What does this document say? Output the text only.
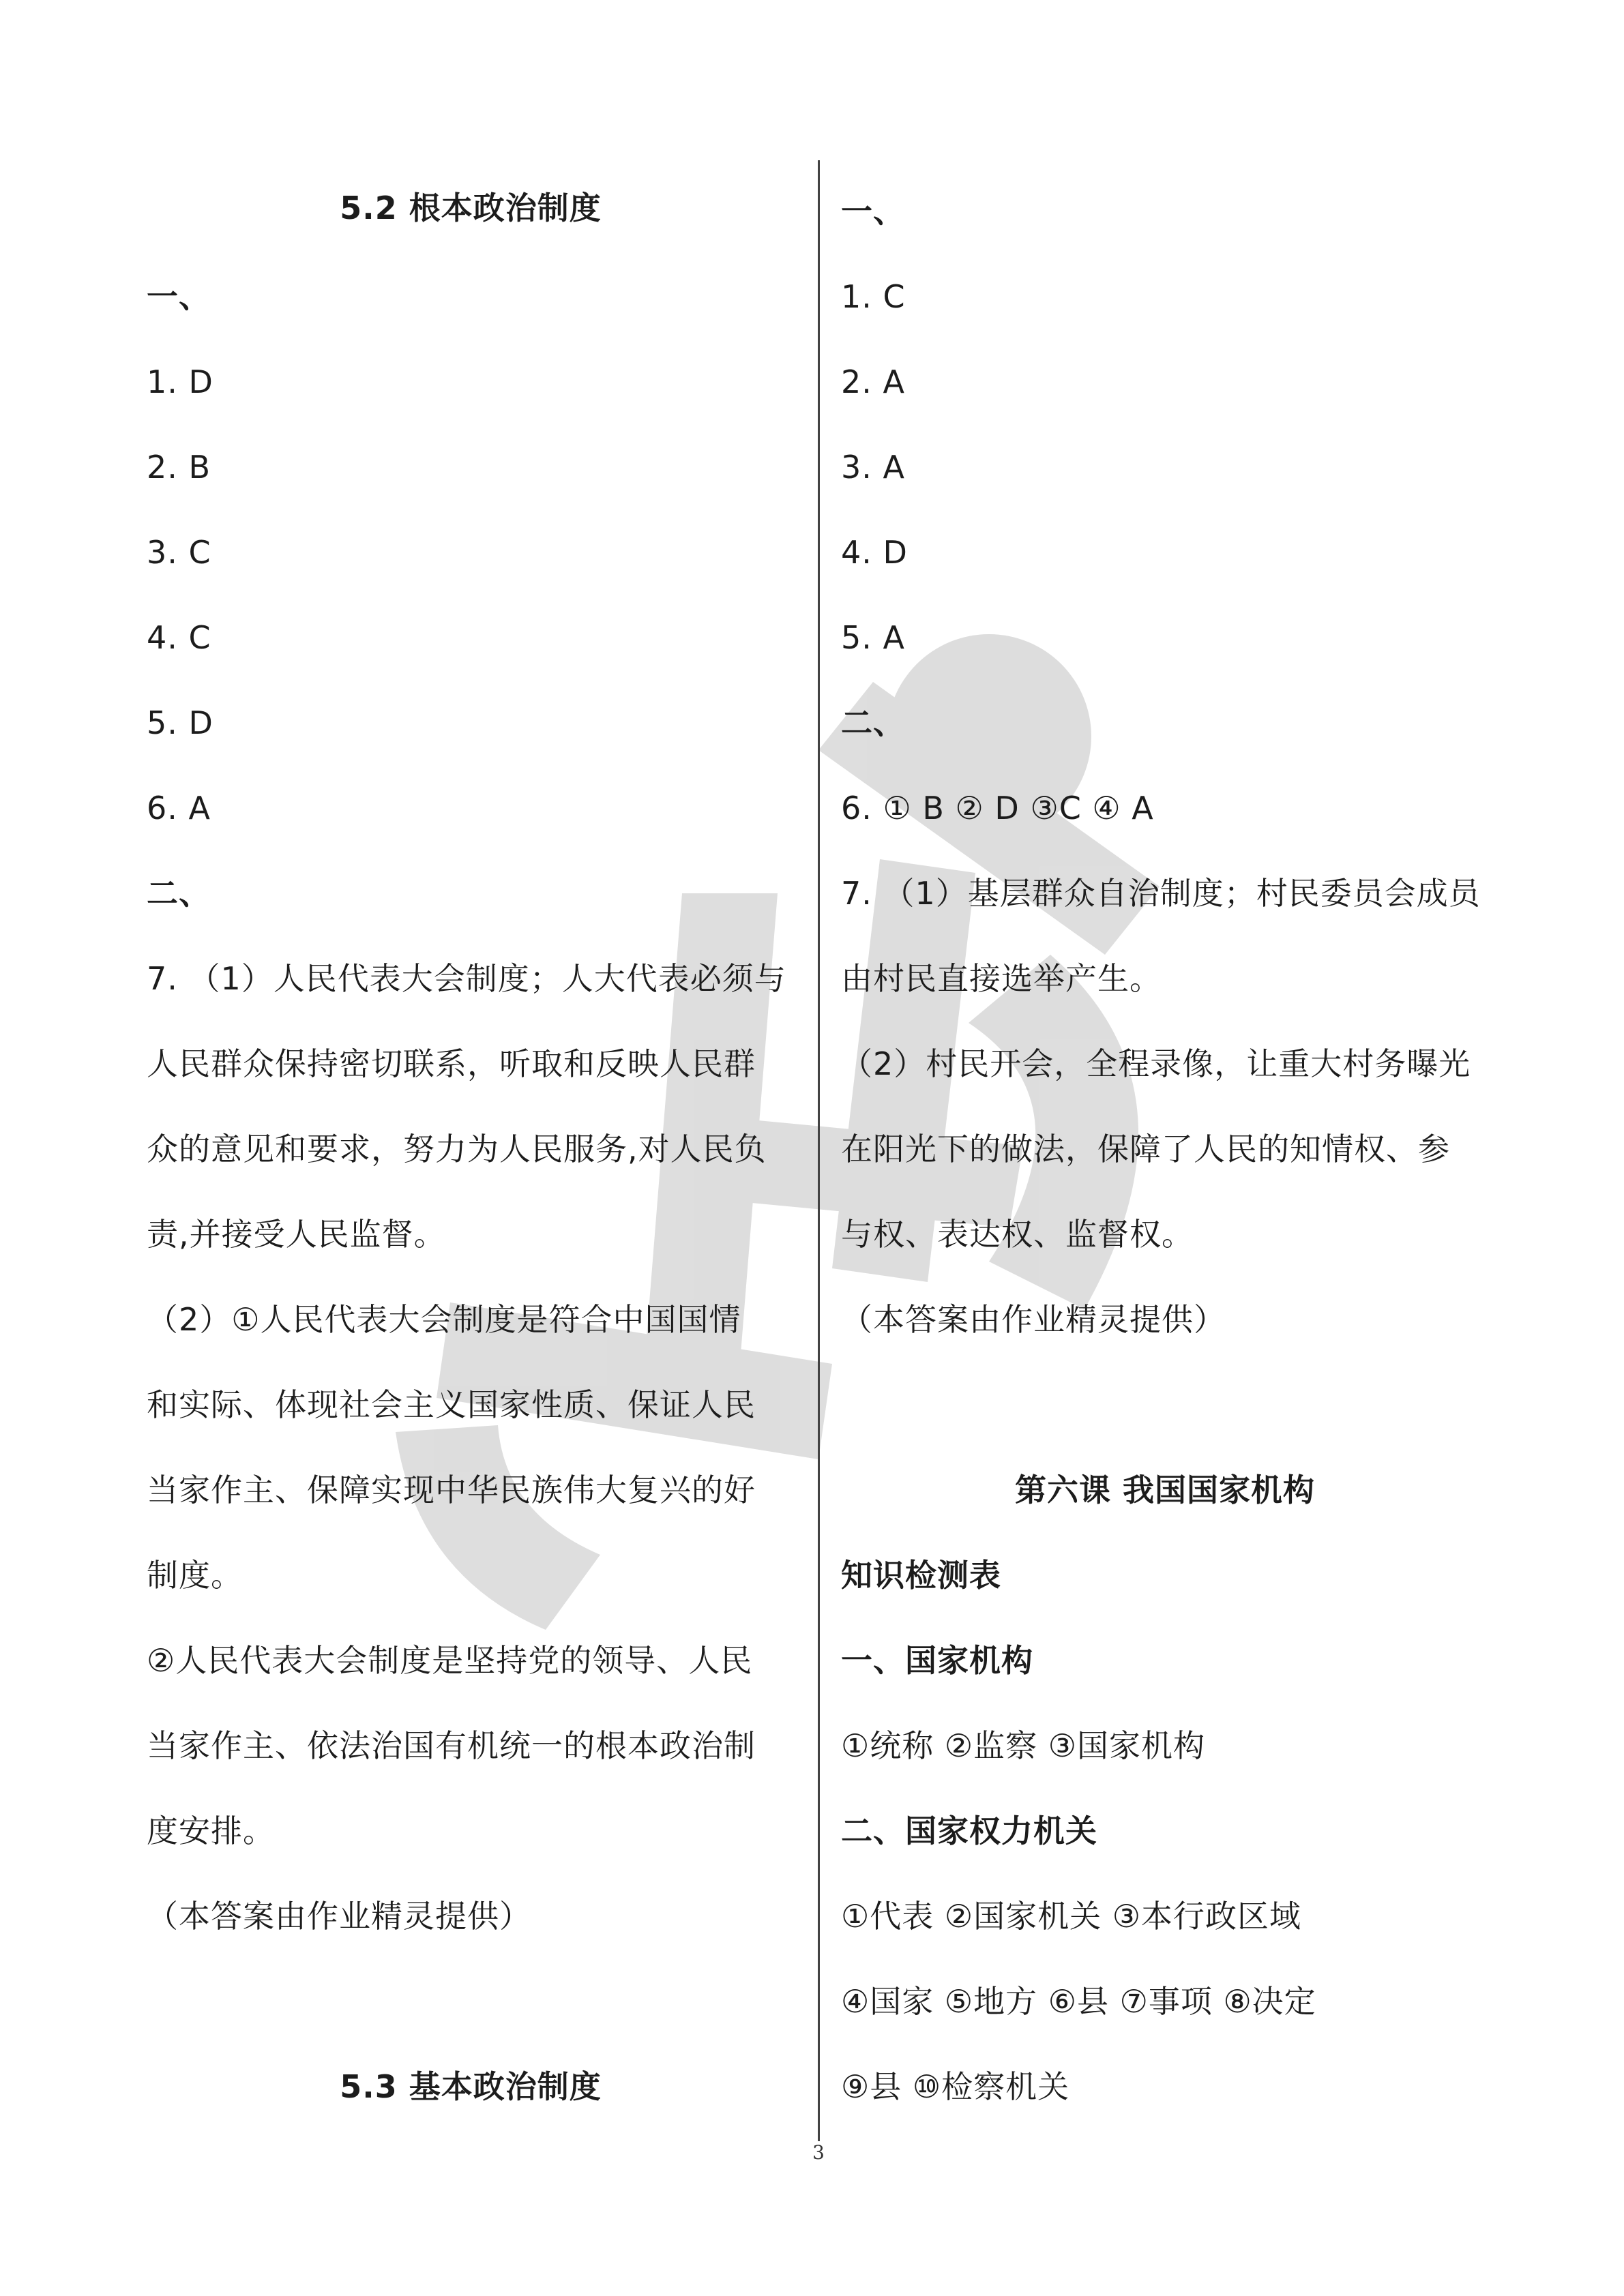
5.2 根本政治制度
一、
1. D
2. B
3. C
4. C
5. D
6. A
二、
7. （1）人民代表大会制度；人大代表必须与
人民群众保持密切联系，听取和反映人民群
众的意见和要求，努力为人民服务,对人民负
责,并接受人民监督。
（2）①人民代表大会制度是符合中国国情
和实际、体现社会主义国家性质、保证人民
当家作主、保障实现中华民族伟大复兴的好
制度。
②人民代表大会制度是坚持党的领导、人民
当家作主、依法治国有机统一的根本政治制
度安排。
（本答案由作业精灵提供）
5.3 基本政治制度
一、
1. C
2. A
3. A
4. D
5. A
二、
6. ① B ② D ③C ④ A
7. （1）基层群众自治制度；村民委员会成员
由村民直接选举产生。
（2）村民开会，全程录像，让重大村务曝光
在阳光下的做法，保障了人民的知情权、参
与权、表达权、监督权。
（本答案由作业精灵提供）
第六课 我国国家机构
知识检测表
一、国家机构
①统称 ②监察 ③国家机构
二、国家权力机关
①代表 ②国家机关 ③本行政区域
④国家 ⑤地方 ⑥县 ⑦事项 ⑧决定
⑨县 ⑩检察机关
3
